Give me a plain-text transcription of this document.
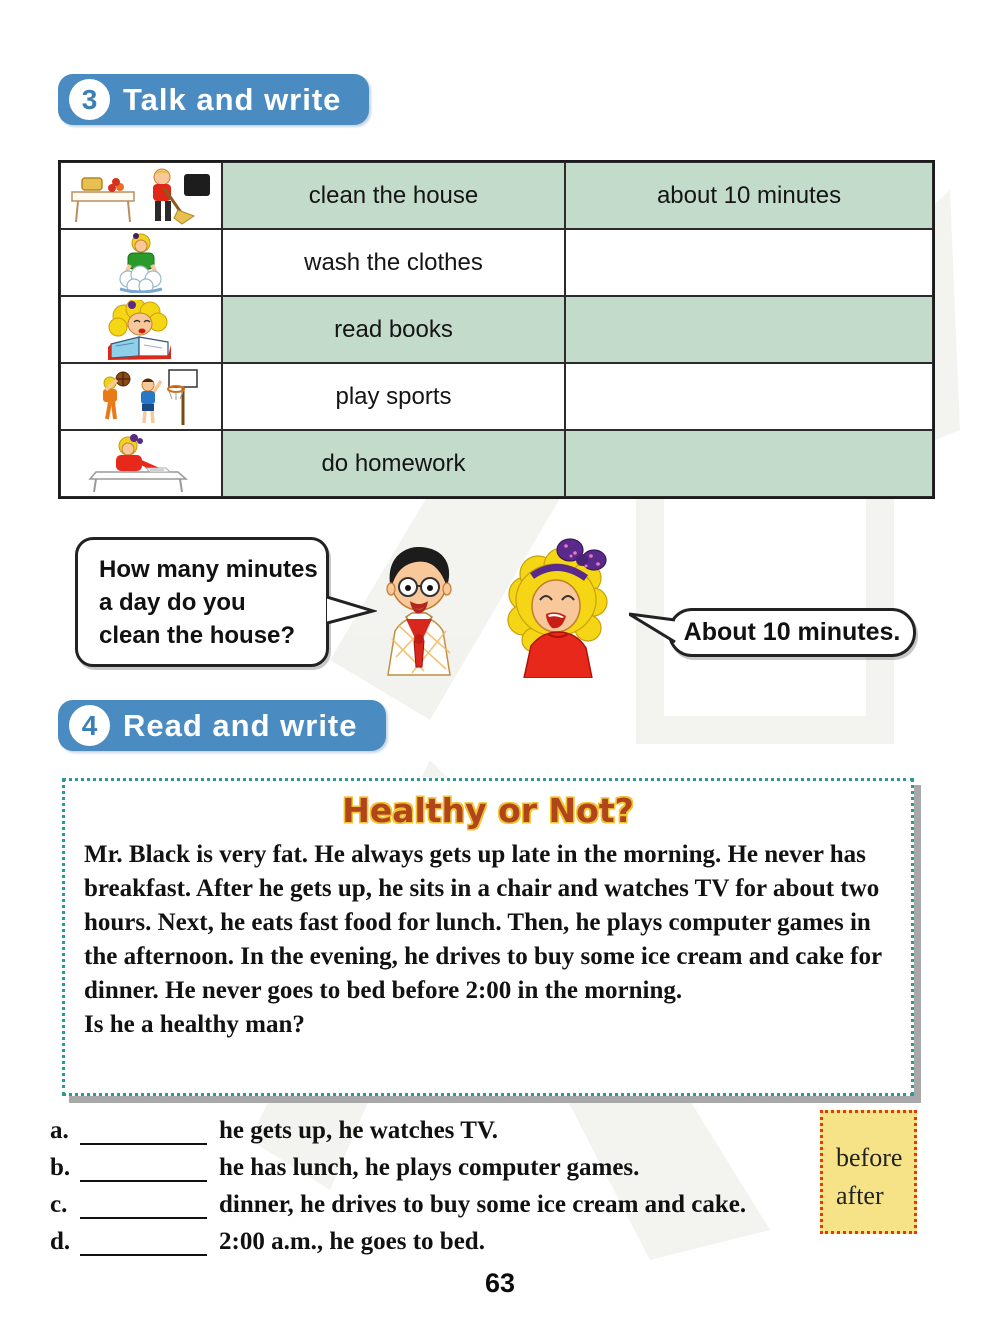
3 Talk and write
clean the house	about 10 minutes
wash the clothes
read books
play sports
do homework
How many minutes
a day do you
clean the house?	About 10 minutes.
4 Read and write
Healthy or Not?
Mr. Black is very fat. He always gets up late in the morning. He never has breakfast. After he gets up, he sits in a chair and watches TV for about two hours. Next, he eats fast food for lunch. Then, he plays computer games in the afternoon. In the evening, he drives to buy some ice cream and cake for dinner. He never goes to bed before 2:00 in the morning.
Is he a healthy man?
a.	he gets up, he watches TV.
b.	he has lunch, he plays computer games.
c.	dinner, he drives to buy some ice cream and cake.
d.	2:00 a.m., he goes to bed.
before
after
63
